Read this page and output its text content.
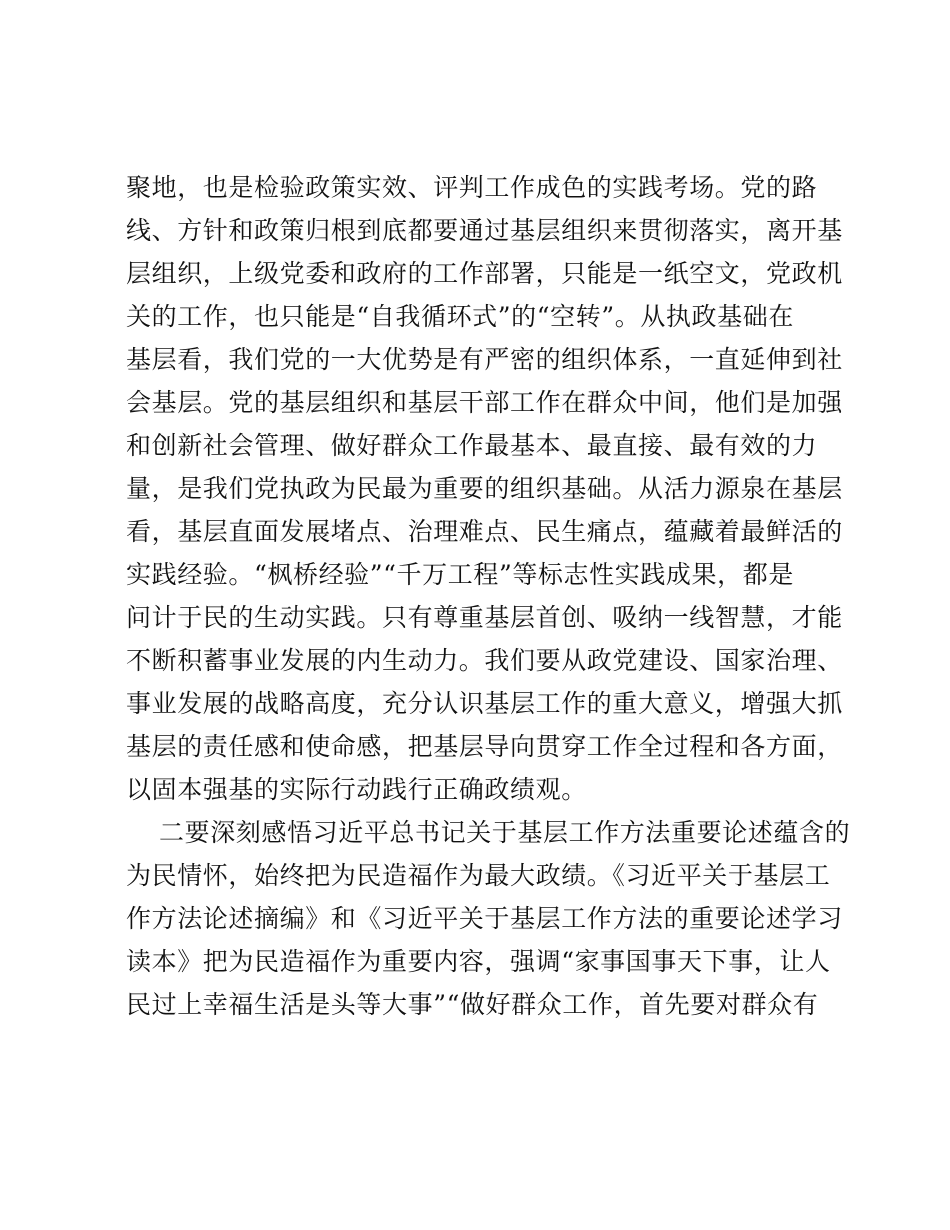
聚地，也是检验政策实效、评判工作成色的实践考场。党的路
线、方针和政策归根到底都要通过基层组织来贯彻落实，离开基
层组织，上级党委和政府的工作部署，只能是一纸空文，党政机
关的工作，也只能是“自我循环式”的“空转”。从执政基础在
基层看，我们党的一大优势是有严密的组织体系，一直延伸到社
会基层。党的基层组织和基层干部工作在群众中间，他们是加强
和创新社会管理、做好群众工作最基本、最直接、最有效的力
量，是我们党执政为民最为重要的组织基础。从活力源泉在基层
看，基层直面发展堵点、治理难点、民生痛点，蕴藏着最鲜活的
实践经验。“枫桥经验”“千万工程”等标志性实践成果，都是
问计于民的生动实践。只有尊重基层首创、吸纳一线智慧，才能
不断积蓄事业发展的内生动力。我们要从政党建设、国家治理、
事业发展的战略高度，充分认识基层工作的重大意义，增强大抓
基层的责任感和使命感，把基层导向贯穿工作全过程和各方面，
以固本强基的实际行动践行正确政绩观。
二要深刻感悟习近平总书记关于基层工作方法重要论述蕴含的
为民情怀，始终把为民造福作为最大政绩。《习近平关于基层工
作方法论述摘编》和《习近平关于基层工作方法的重要论述学习
读本》把为民造福作为重要内容，强调“家事国事天下事，让人
民过上幸福生活是头等大事”“做好群众工作，首先要对群众有
